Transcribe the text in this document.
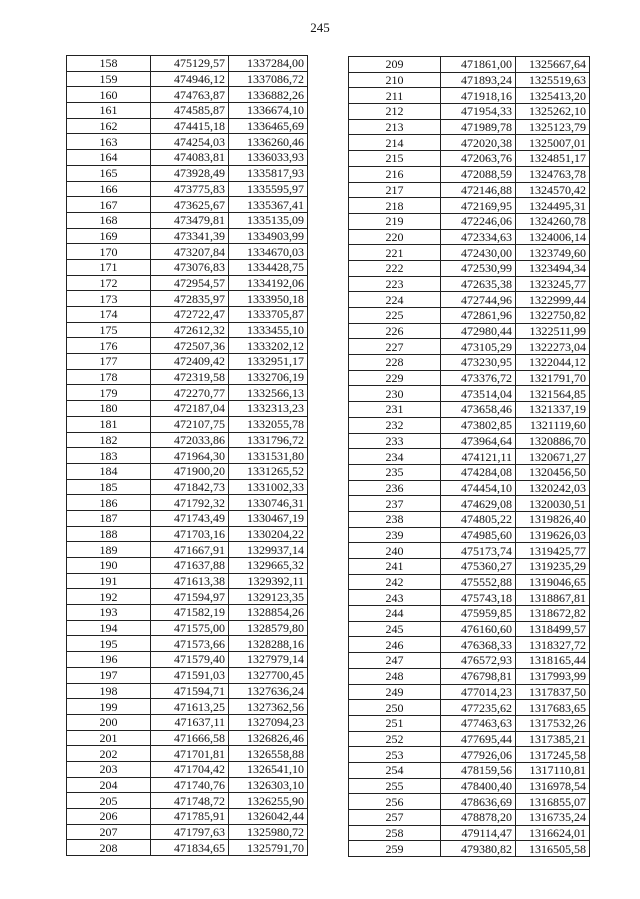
245
158	475129,57	1337284,00
159	474946,12	1337086,72
160	474763,87	1336882,26
161	474585,87	1336674,10
162	474415,18	1336465,69
163	474254,03	1336260,46
164	474083,81	1336033,93
165	473928,49	1335817,93
166	473775,83	1335595,97
167	473625,67	1335367,41
168	473479,81	1335135,09
169	473341,39	1334903,99
170	473207,84	1334670,03
171	473076,83	1334428,75
172	472954,57	1334192,06
173	472835,97	1333950,18
174	472722,47	1333705,87
175	472612,32	1333455,10
176	472507,36	1333202,12
177	472409,42	1332951,17
178	472319,58	1332706,19
179	472270,77	1332566,13
180	472187,04	1332313,23
181	472107,75	1332055,78
182	472033,86	1331796,72
183	471964,30	1331531,80
184	471900,20	1331265,52
185	471842,73	1331002,33
186	471792,32	1330746,31
187	471743,49	1330467,19
188	471703,16	1330204,22
189	471667,91	1329937,14
190	471637,88	1329665,32
191	471613,38	1329392,11
192	471594,97	1329123,35
193	471582,19	1328854,26
194	471575,00	1328579,80
195	471573,66	1328288,16
196	471579,40	1327979,14
197	471591,03	1327700,45
198	471594,71	1327636,24
199	471613,25	1327362,56
200	471637,11	1327094,23
201	471666,58	1326826,46
202	471701,81	1326558,88
203	471704,42	1326541,10
204	471740,76	1326303,10
205	471748,72	1326255,90
206	471785,91	1326042,44
207	471797,63	1325980,72
208	471834,65	1325791,70
209	471861,00	1325667,64
210	471893,24	1325519,63
211	471918,16	1325413,20
212	471954,33	1325262,10
213	471989,78	1325123,79
214	472020,38	1325007,01
215	472063,76	1324851,17
216	472088,59	1324763,78
217	472146,88	1324570,42
218	472169,95	1324495,31
219	472246,06	1324260,78
220	472334,63	1324006,14
221	472430,00	1323749,60
222	472530,99	1323494,34
223	472635,38	1323245,77
224	472744,96	1322999,44
225	472861,96	1322750,82
226	472980,44	1322511,99
227	473105,29	1322273,04
228	473230,95	1322044,12
229	473376,72	1321791,70
230	473514,04	1321564,85
231	473658,46	1321337,19
232	473802,85	1321119,60
233	473964,64	1320886,70
234	474121,11	1320671,27
235	474284,08	1320456,50
236	474454,10	1320242,03
237	474629,08	1320030,51
238	474805,22	1319826,40
239	474985,60	1319626,03
240	475173,74	1319425,77
241	475360,27	1319235,29
242	475552,88	1319046,65
243	475743,18	1318867,81
244	475959,85	1318672,82
245	476160,60	1318499,57
246	476368,33	1318327,72
247	476572,93	1318165,44
248	476798,81	1317993,99
249	477014,23	1317837,50
250	477235,62	1317683,65
251	477463,63	1317532,26
252	477695,44	1317385,21
253	477926,06	1317245,58
254	478159,56	1317110,81
255	478400,40	1316978,54
256	478636,69	1316855,07
257	478878,20	1316735,24
258	479114,47	1316624,01
259	479380,82	1316505,58
